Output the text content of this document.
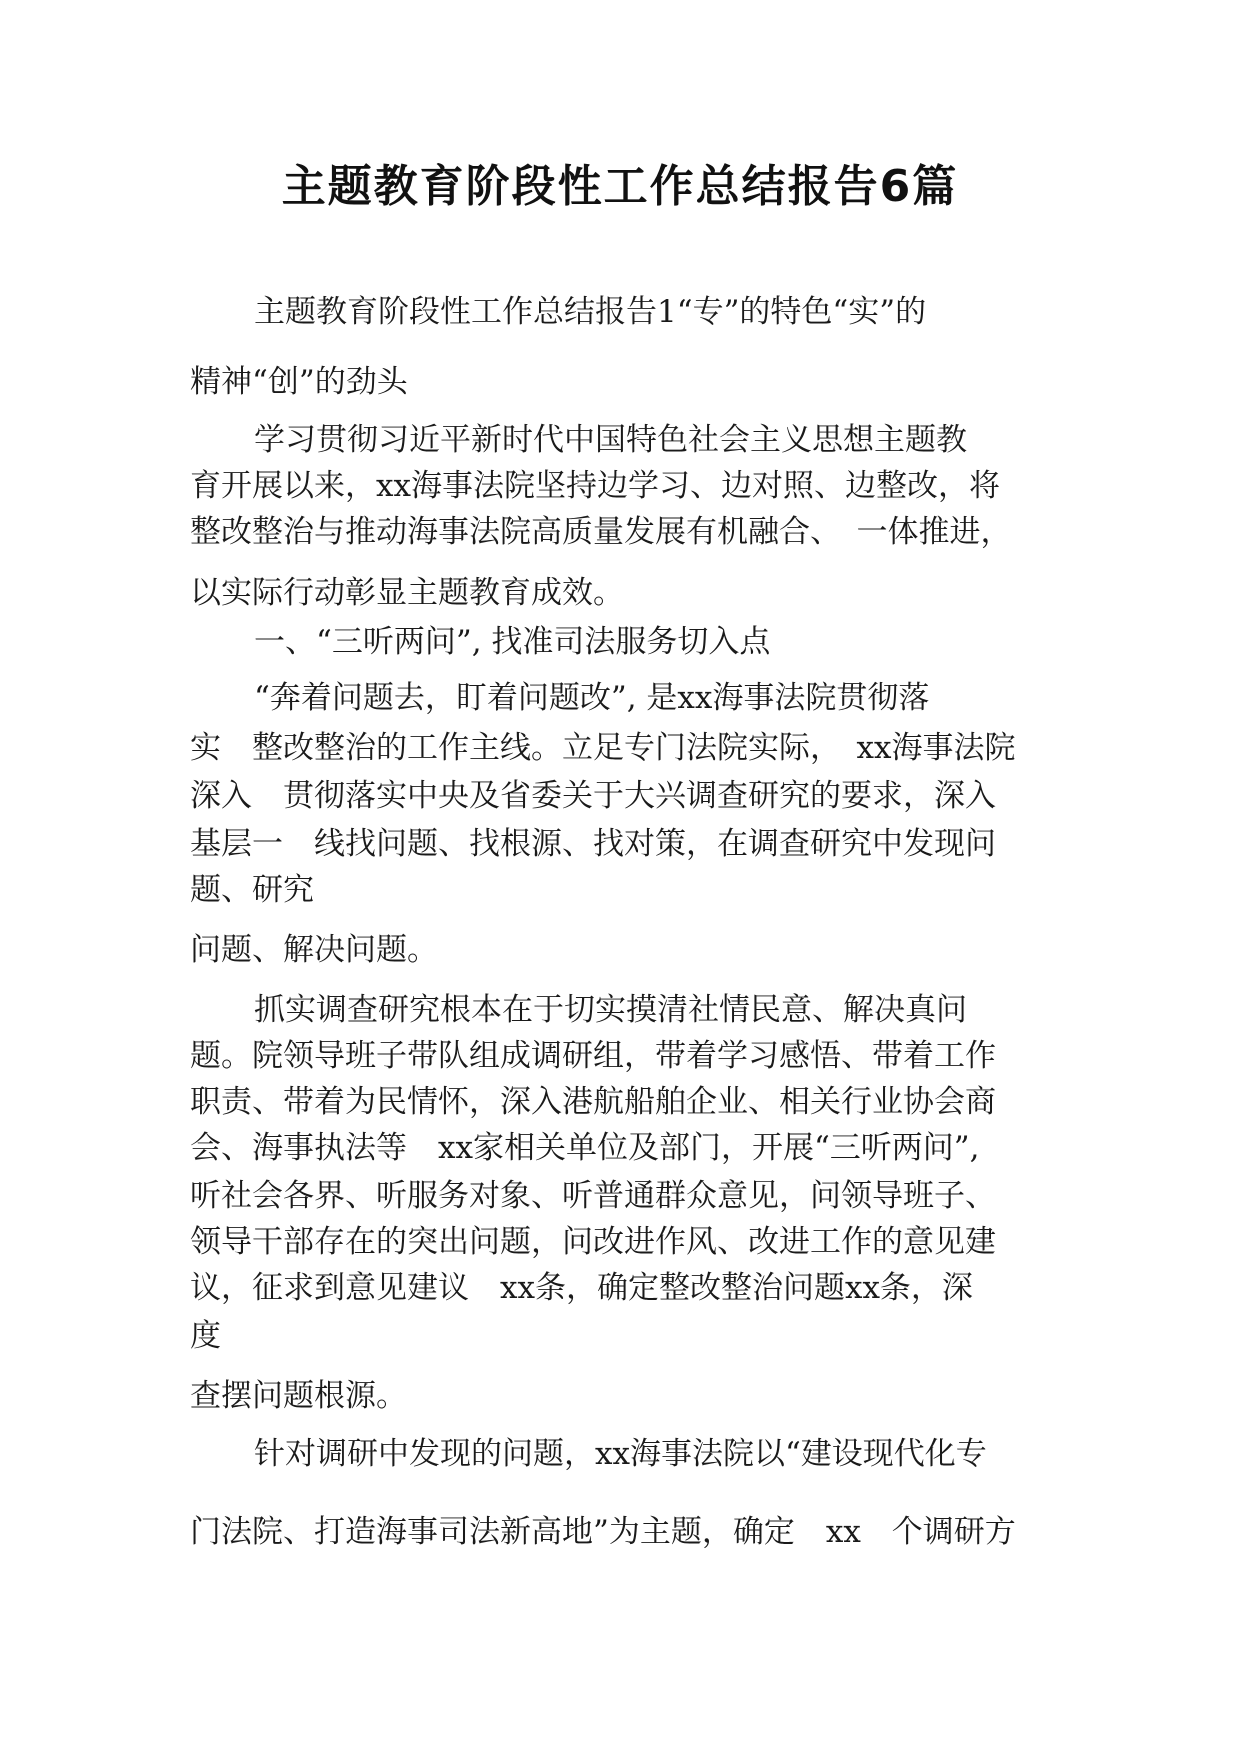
主题教育阶段性工作总结报告6篇

主题教育阶段性工作总结报告1“专”的特色“实”的

精神“创”的劲头

学习贯彻习近平新时代中国特色社会主义思想主题教

育开展以来，xx海事法院坚持边学习、边对照、边整改，将

整改整治与推动海事法院高质量发展有机融合、　一体推进，

以实际行动彰显主题教育成效。

一、“三听两问”, 找准司法服务切入点

“奔着问题去，盯着问题改”, 是xx海事法院贯彻落

实　整改整治的工作主线。立足专门法院实际，　xx海事法院

深入　贯彻落实中央及省委关于大兴调查研究的要求，深入

基层一　线找问题、找根源、找对策，在调查研究中发现问

题、研究

问题、解决问题。

抓实调查研究根本在于切实摸清社情民意、解决真问

题。院领导班子带队组成调研组，带着学习感悟、带着工作

职责、带着为民情怀，深入港航船舶企业、相关行业协会商

会、海事执法等　xx家相关单位及部门，开展“三听两问”,

听社会各界、听服务对象、听普通群众意见，问领导班子、

领导干部存在的突出问题，问改进作风、改进工作的意见建

议，征求到意见建议　xx条，确定整改整治问题xx条，深

度

查摆问题根源。

针对调研中发现的问题，xx海事法院以“建设现代化专

门法院、打造海事司法新高地”为主题，确定　xx　个调研方
